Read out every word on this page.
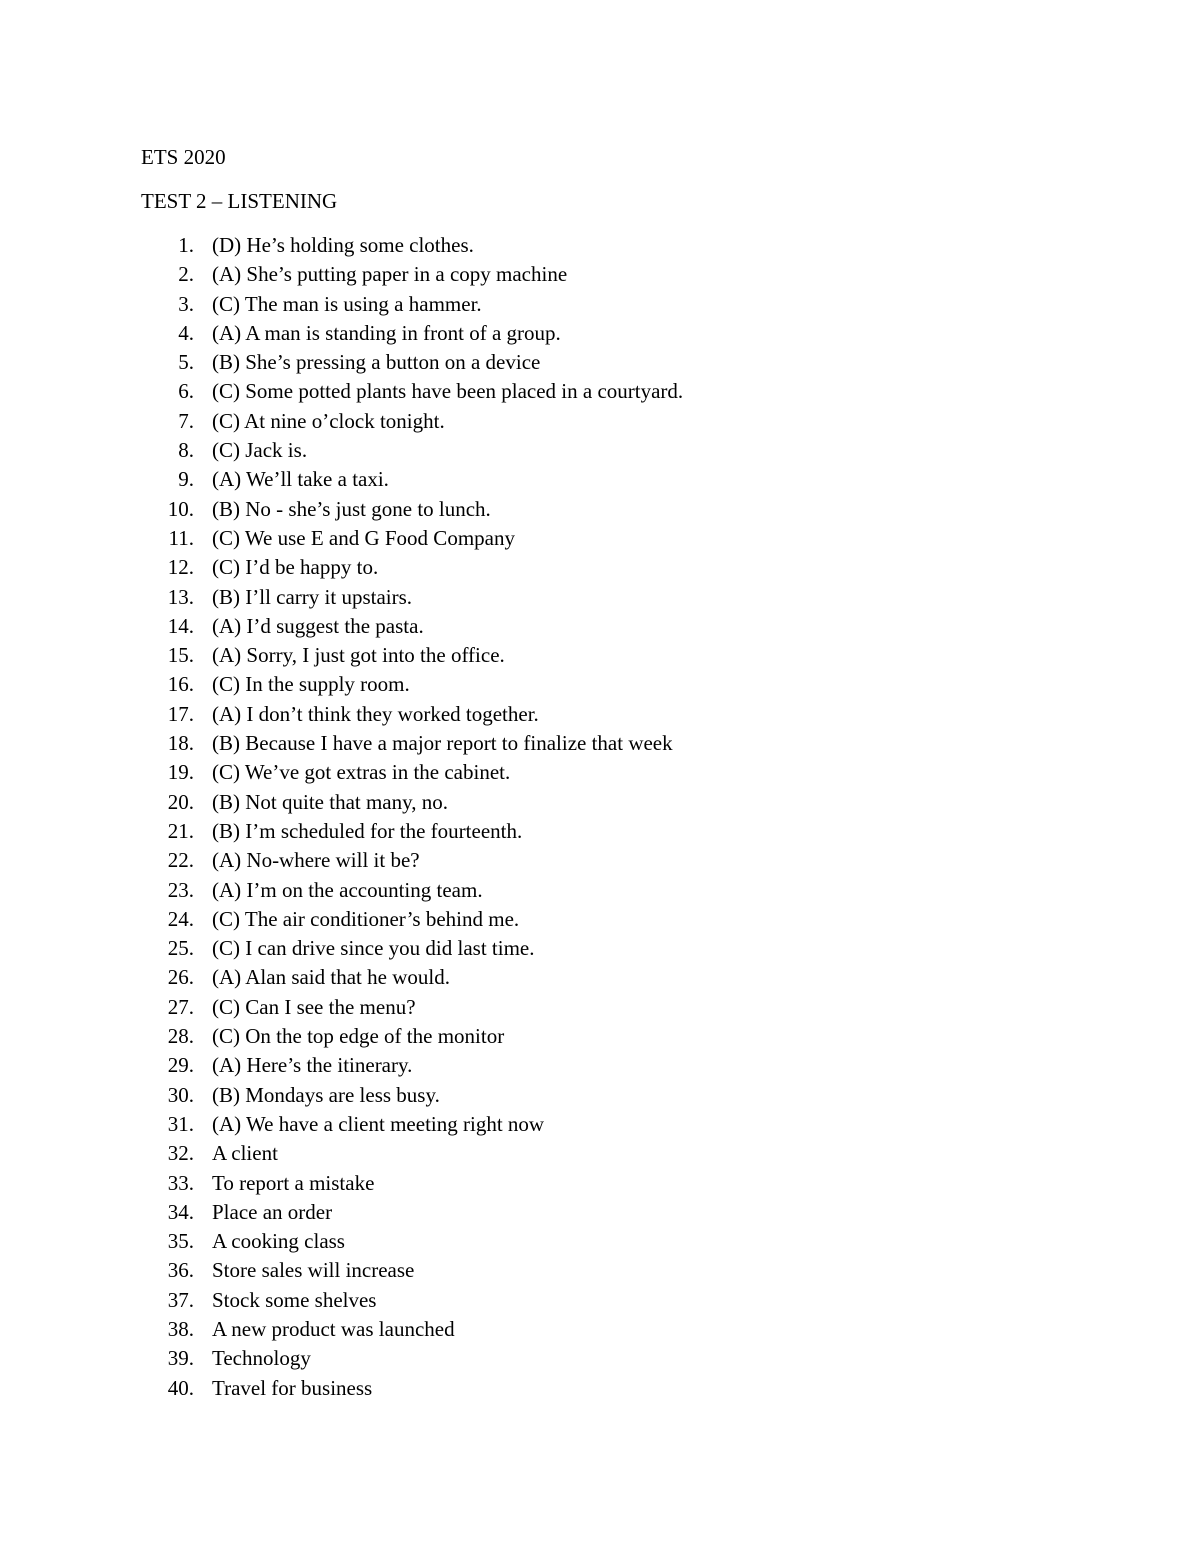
ETS 2020
TEST 2 – LISTENING
1. (D) He’s holding some clothes.
2. (A) She’s putting paper in a copy machine
3. (C) The man is using a hammer.
4. (A) A man is standing in front of a group.
5. (B) She’s pressing a button on a device
6. (C) Some potted plants have been placed in a courtyard.
7. (C) At nine o’clock tonight.
8. (C) Jack is.
9. (A) We’ll take a taxi.
10. (B) No - she’s just gone to lunch.
11. (C) We use E and G Food Company
12. (C) I’d be happy to.
13. (B) I’ll carry it upstairs.
14. (A) I’d suggest the pasta.
15. (A) Sorry, I just got into the office.
16. (C) In the supply room.
17. (A) I don’t think they worked together.
18. (B) Because I have a major report to finalize that week
19. (C) We’ve got extras in the cabinet.
20. (B) Not quite that many, no.
21. (B) I’m scheduled for the fourteenth.
22. (A) No-where will it be?
23. (A) I’m on the accounting team.
24. (C) The air conditioner’s behind me.
25. (C) I can drive since you did last time.
26. (A) Alan said that he would.
27. (C) Can I see the menu?
28. (C) On the top edge of the monitor
29. (A) Here’s the itinerary.
30. (B) Mondays are less busy.
31. (A) We have a client meeting right now
32. A client
33. To report a mistake
34. Place an order
35. A cooking class
36. Store sales will increase
37. Stock some shelves
38. A new product was launched
39. Technology
40. Travel for business
